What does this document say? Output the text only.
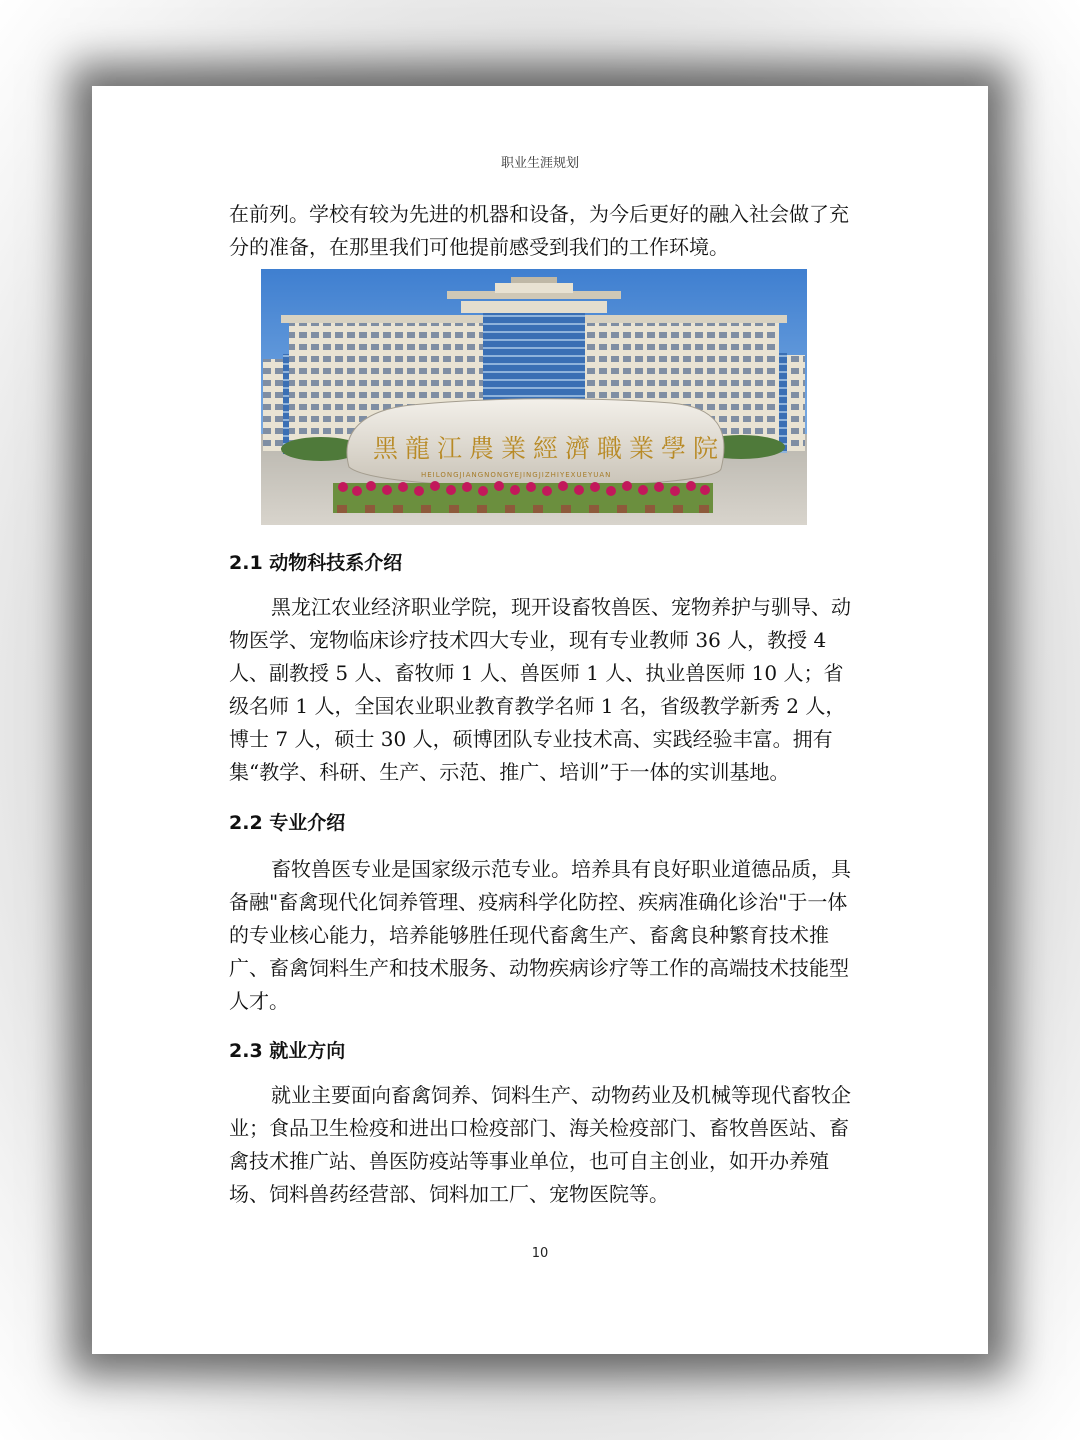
职业生涯规划

在前列。学校有较为先进的机器和设备，为今后更好的融入社会做了充分的准备，在那里我们可他提前感受到我们的工作环境。

黑龍江農業經濟職業學院
HEILONGJIANGNONGYEJINGJIZHIYEXUEYUAN
2.1 动物科技系介绍

黑龙江农业经济职业学院，现开设畜牧兽医、宠物养护与驯导、动物医学、宠物临床诊疗技术四大专业，现有专业教师 36 人，教授 4 人、副教授 5 人、畜牧师 1 人、兽医师 1 人、执业兽医师 10 人；省级名师 1 人，全国农业职业教育教学名师 1 名，省级教学新秀 2 人，博士 7 人，硕士 30 人，硕博团队专业技术高、实践经验丰富。拥有集“教学、科研、生产、示范、推广、培训”于一体的实训基地。

2.2 专业介绍

畜牧兽医专业是国家级示范专业。培养具有良好职业道德品质，具备融"畜禽现代化饲养管理、疫病科学化防控、疾病准确化诊治"于一体的专业核心能力，培养能够胜任现代畜禽生产、畜禽良种繁育技术推广、畜禽饲料生产和技术服务、动物疾病诊疗等工作的高端技术技能型人才。

2.3 就业方向

就业主要面向畜禽饲养、饲料生产、动物药业及机械等现代畜牧企业；食品卫生检疫和进出口检疫部门、海关检疫部门、畜牧兽医站、畜禽技术推广站、兽医防疫站等事业单位，也可自主创业，如开办养殖场、饲料兽药经营部、饲料加工厂、宠物医院等。

10
